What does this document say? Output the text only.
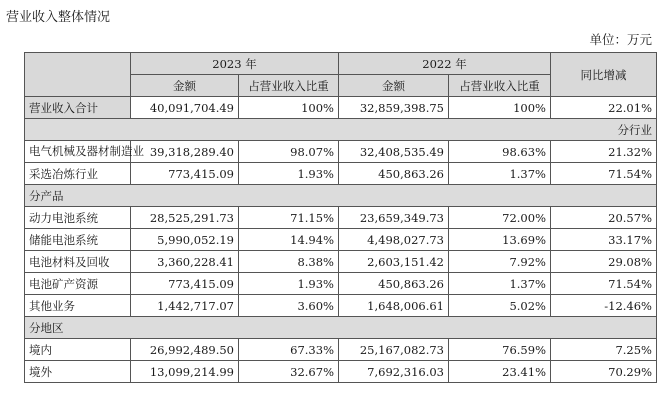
营业收入整体情况
单位：万元
	2023 年		2022 年		同比增减
	金额	占营业收入比重	金额	占营业收入比重	
营业收入合计	40,091,704.49	100%	32,859,398.75	100%	22.01%
分行业					
电气机械及器材制造业	39,318,289.40	98.07%	32,408,535.49	98.63%	21.32%
采选冶炼行业	773,415.09	1.93%	450,863.26	1.37%	71.54%
分产品					
动力电池系统	28,525,291.73	71.15%	23,659,349.73	72.00%	20.57%
储能电池系统	5,990,052.19	14.94%	4,498,027.73	13.69%	33.17%
电池材料及回收	3,360,228.41	8.38%	2,603,151.42	7.92%	29.08%
电池矿产资源	773,415.09	1.93%	450,863.26	1.37%	71.54%
其他业务	1,442,717.07	3.60%	1,648,006.61	5.02%	-12.46%
分地区					
境内	26,992,489.50	67.33%	25,167,082.73	76.59%	7.25%
境外	13,099,214.99	32.67%	7,692,316.03	23.41%	70.29%
